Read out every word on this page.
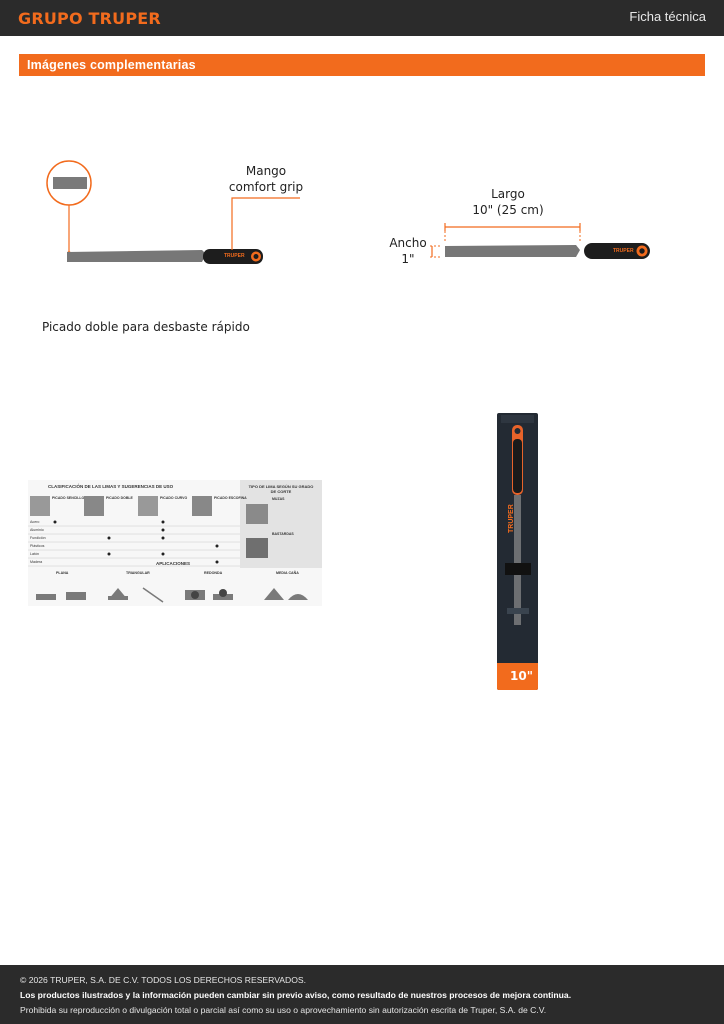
GRUPO TRUPER	Ficha técnica
Imágenes complementarias
Mango
comfort grip
TRUPER
Picado doble para desbaste rápido
Largo
10" (25 cm)
Ancho
1"
TRUPER
CLASIFICACIÓN DE LAS LIMAS Y SUGERENCIAS DE USO	TIPO DE LIMA SEGÚN SU GRADO DE CORTE
MUZAS
BASTARDAS
PICADO SENCILLO	PICADO DOBLE	PICADO CURVO	PICADO ESCOFINA
Acero
Aluminio
Fundición
Plásticos
Latón
Madera	APLICACIONES
PLANA	TRIANGULAR	REDONDA	MEDIA CAÑA
TRUPER
10"
© 2026 TRUPER, S.A. DE C.V. TODOS LOS DERECHOS RESERVADOS.
Los productos ilustrados y la información pueden cambiar sin previo aviso, como resultado de nuestros procesos de mejora continua.
Prohibida su reproducción o divulgación total o parcial así como su uso o aprovechamiento sin autorización escrita de Truper, S.A. de C.V.
